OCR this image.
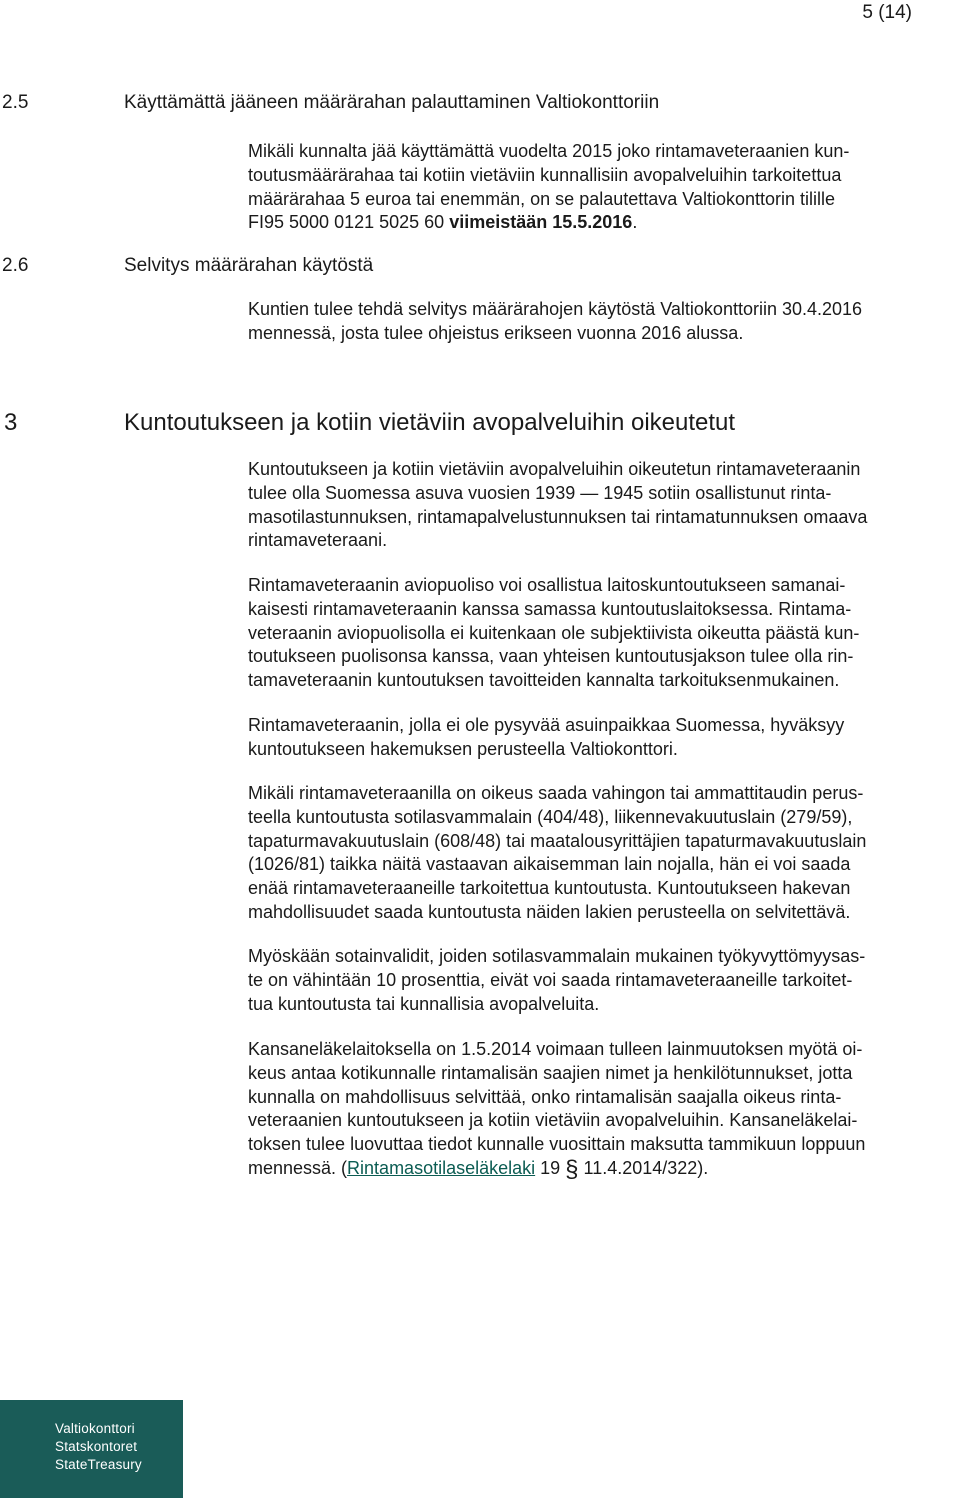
5 (14)
2.5	Käyttämättä jääneen määrärahan palauttaminen Valtiokonttoriin
Mikäli kunnalta jää käyttämättä vuodelta 2015 joko rintamaveteraanien kun-
toutusmäärärahaa tai kotiin vietäviin kunnallisiin avopalveluihin tarkoitettua
määrärahaa 5 euroa tai enemmän, on se palautettava Valtiokonttorin tilille
FI95 5000 0121 5025 60 viimeistään 15.5.2016.
2.6	Selvitys määrärahan käytöstä
Kuntien tulee tehdä selvitys määrärahojen käytöstä Valtiokonttoriin 30.4.2016
mennessä, josta tulee ohjeistus erikseen vuonna 2016 alussa.
3	Kuntoutukseen ja kotiin vietäviin avopalveluihin oikeutetut
Kuntoutukseen ja kotiin vietäviin avopalveluihin oikeutetun rintamaveteraanin
tulee olla Suomessa asuva vuosien 1939 — 1945 sotiin osallistunut rinta-
masotilastunnuksen, rintamapalvelustunnuksen tai rintamatunnuksen omaava
rintamaveteraani.
Rintamaveteraanin aviopuoliso voi osallistua laitoskuntoutukseen samanai-
kaisesti rintamaveteraanin kanssa samassa kuntoutuslaitoksessa. Rintama-
veteraanin aviopuolisolla ei kuitenkaan ole subjektiivista oikeutta päästä kun-
toutukseen puolisonsa kanssa, vaan yhteisen kuntoutusjakson tulee olla rin-
tamaveteraanin kuntoutuksen tavoitteiden kannalta tarkoituksenmukainen.
Rintamaveteraanin, jolla ei ole pysyvää asuinpaikkaa Suomessa, hyväksyy
kuntoutukseen hakemuksen perusteella Valtiokonttori.
Mikäli rintamaveteraanilla on oikeus saada vahingon tai ammattitaudin perus-
teella kuntoutusta sotilasvammalain (404/48), liikennevakuutuslain (279/59),
tapaturmavakuutuslain (608/48) tai maatalousyrittäjien tapaturmavakuutuslain
(1026/81) taikka näitä vastaavan aikaisemman lain nojalla, hän ei voi saada
enää rintamaveteraaneille tarkoitettua kuntoutusta. Kuntoutukseen hakevan
mahdollisuudet saada kuntoutusta näiden lakien perusteella on selvitettävä.
Myöskään sotainvalidit, joiden sotilasvammalain mukainen työkyvyttömyysas-
te on vähintään 10 prosenttia, eivät voi saada rintamaveteraaneille tarkoitet-
tua kuntoutusta tai kunnallisia avopalveluita.
Kansaneläkelaitoksella on 1.5.2014 voimaan tulleen lainmuutoksen myötä oi-
keus antaa kotikunnalle rintamalisän saajien nimet ja henkilötunnukset, jotta
kunnalla on mahdollisuus selvittää, onko rintamalisän saajalla oikeus rinta-
veteraanien kuntoutukseen ja kotiin vietäviin avopalveluihin. Kansaneläkelai-
toksen tulee luovuttaa tiedot kunnalle vuosittain maksutta tammikuun loppuun
mennessä. (Rintamasotilaseläkelaki 19 § 11.4.2014/322).
Valtiokonttori
Statskontoret
StateTreasury
